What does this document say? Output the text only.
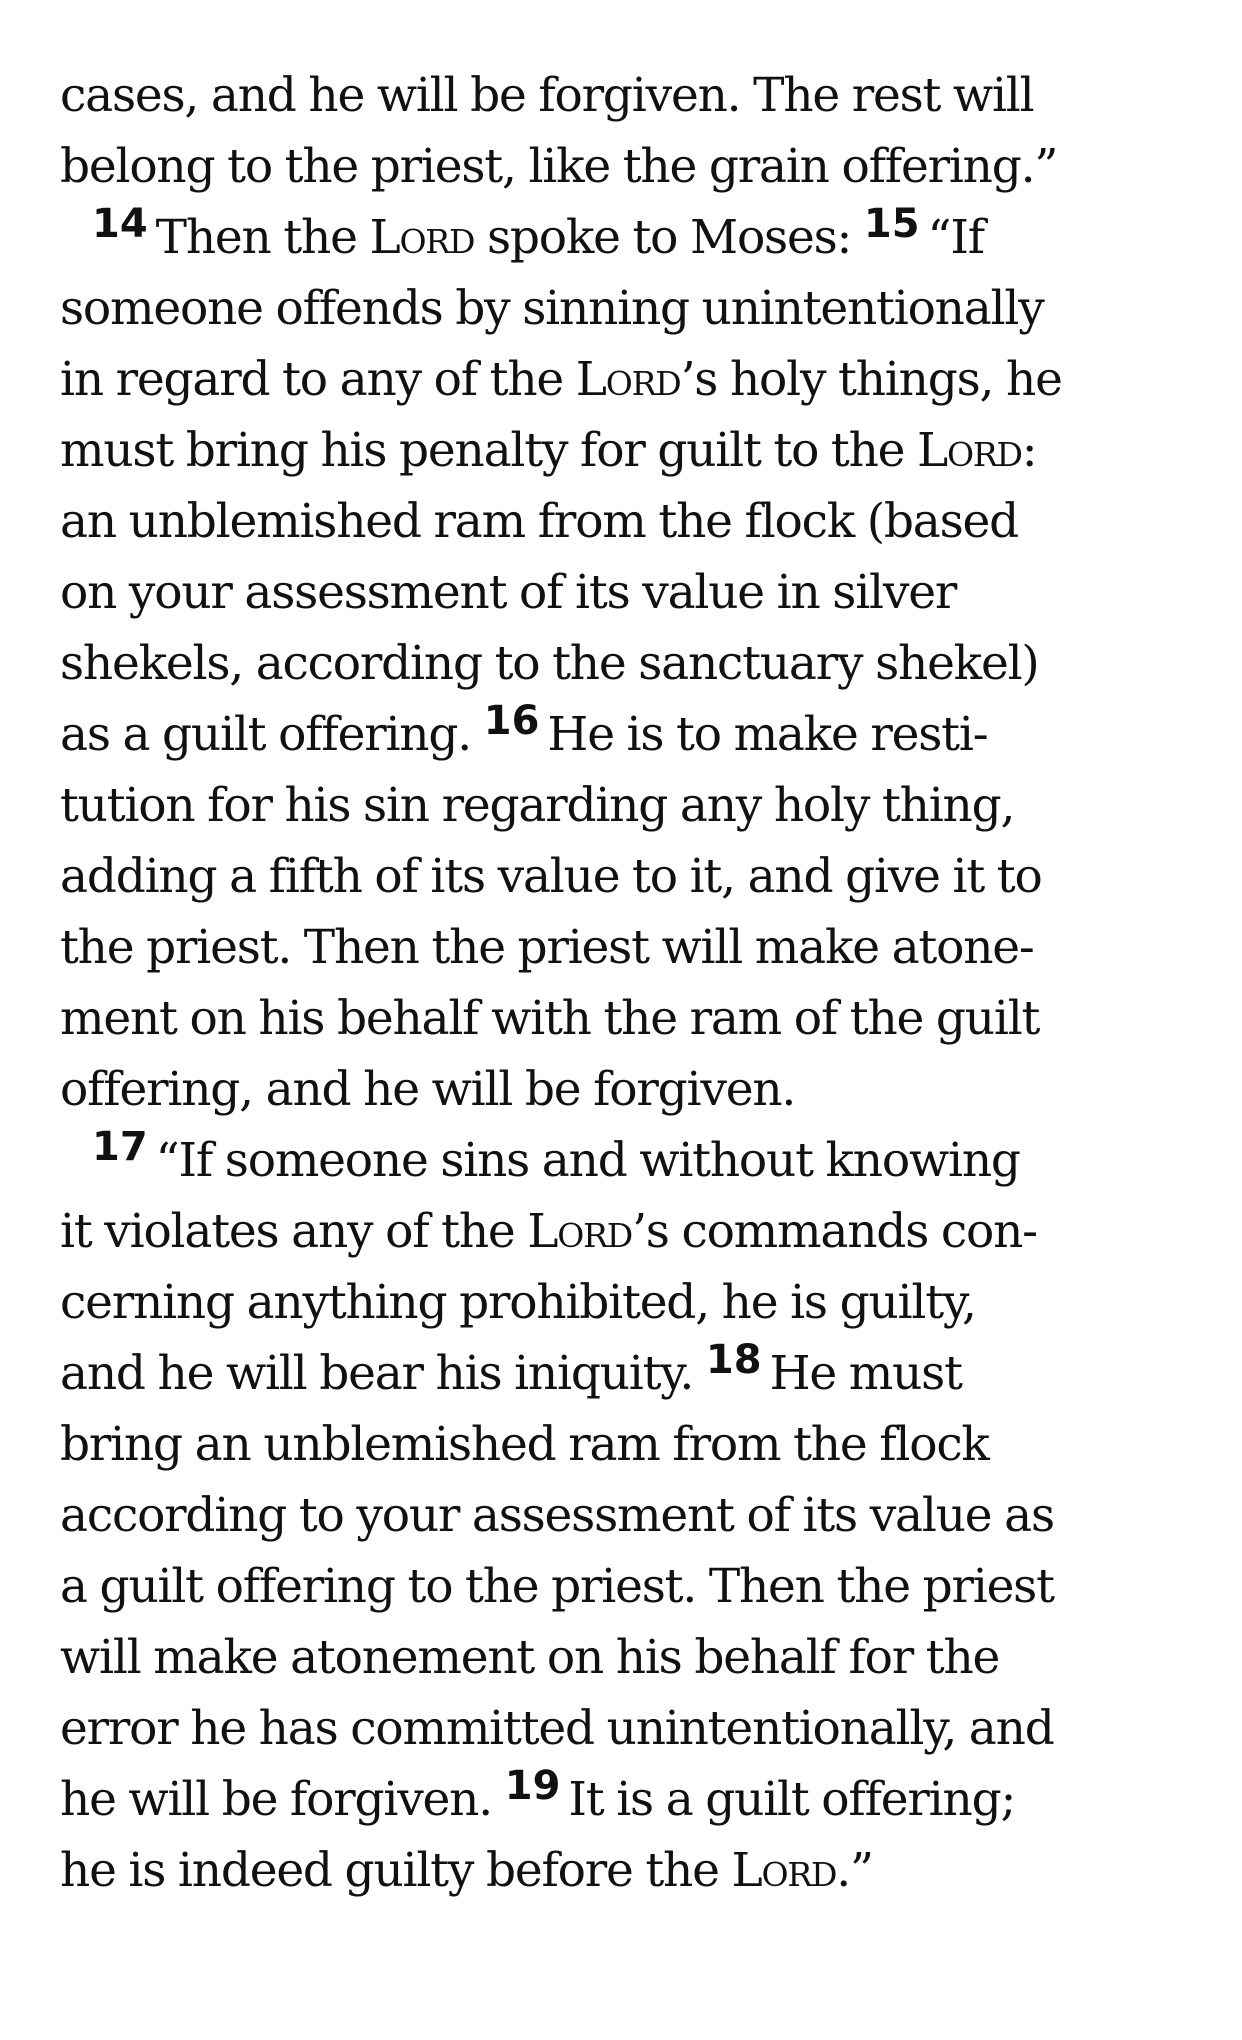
cases, and he will be forgiven. The rest will
belong to the priest, like the grain offering.”
14 Then the Lord spoke to Moses: 15 “If
someone offends by sinning unintentionally
in regard to any of the Lord’s holy things, he
must bring his penalty for guilt to the Lord:
an unblemished ram from the flock (based
on your assessment of its value in silver
shekels, according to the sanctuary shekel)
as a guilt offering. 16 He is to make resti-
tution for his sin regarding any holy thing,
adding a fifth of its value to it, and give it to
the priest. Then the priest will make atone-
ment on his behalf with the ram of the guilt
offering, and he will be forgiven.
17 “If someone sins and without knowing
it violates any of the Lord’s commands con-
cerning anything prohibited, he is guilty,
and he will bear his iniquity. 18 He must
bring an unblemished ram from the flock
according to your assessment of its value as
a guilt offering to the priest. Then the priest
will make atonement on his behalf for the
error he has committed unintentionally, and
he will be forgiven. 19 It is a guilt offering;
he is indeed guilty before the Lord.”
